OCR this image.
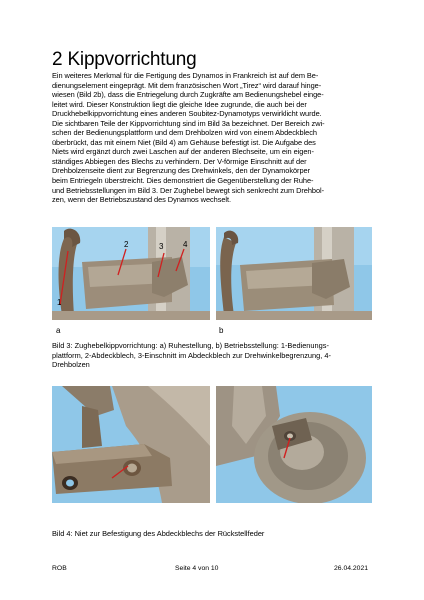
2 Kippvorrichtung

Ein weiteres Merkmal für die Fertigung des Dynamos in Frankreich ist auf dem Be-
dienungselement eingeprägt. Mit dem französischen Wort „Tirez“ wird darauf hinge-
wiesen (Bild 2b), dass die Entriegelung durch Zugkräfte am Bedienungshebel einge-
leitet wird. Dieser Konstruktion liegt die gleiche Idee zugrunde, die auch bei der
Druckhebelkippvorrichtung eines anderen Soubitez-Dynamotyps verwirklicht wurde.
Die sichtbaren Teile der Kippvorrichtung sind im Bild 3a bezeichnet. Der Bereich zwi-
schen der Bedienungsplattform und dem Drehbolzen wird von einem Abdeckblech
überbrückt, das mit einem Niet (Bild 4) am Gehäuse befestigt ist. Die Aufgabe des
Niets wird ergänzt durch zwei Laschen auf der anderen Blechseite, um ein eigen-
ständiges Abbiegen des Blechs zu verhindern. Der V-förmige Einschnitt auf der
Drehbolzenseite dient zur Begrenzung des Drehwinkels, den der Dynamokörper
beim Entriegeln überstreicht. Dies demonstriert die Gegenüberstellung der Ruhe-
und Betriebsstellungen im Bild 3. Der Zughebel bewegt sich senkrecht zum Drehbol-
zen, wenn der Betriebszustand des Dynamos wechselt.

1
2	3 4
a	b

Bild 3: Zughebelkippvorrichtung: a) Ruhestellung, b) Betriebsstellung: 1-Bedienungs-
plattform, 2-Abdeckblech, 3-Einschnitt im Abdeckblech zur Drehwinkelbegrenzung, 4-
Drehbolzen

Bild 4: Niet zur Befestigung des Abdeckblechs der Rückstellfeder

ROB	Seite 4 von 10	26.04.2021
